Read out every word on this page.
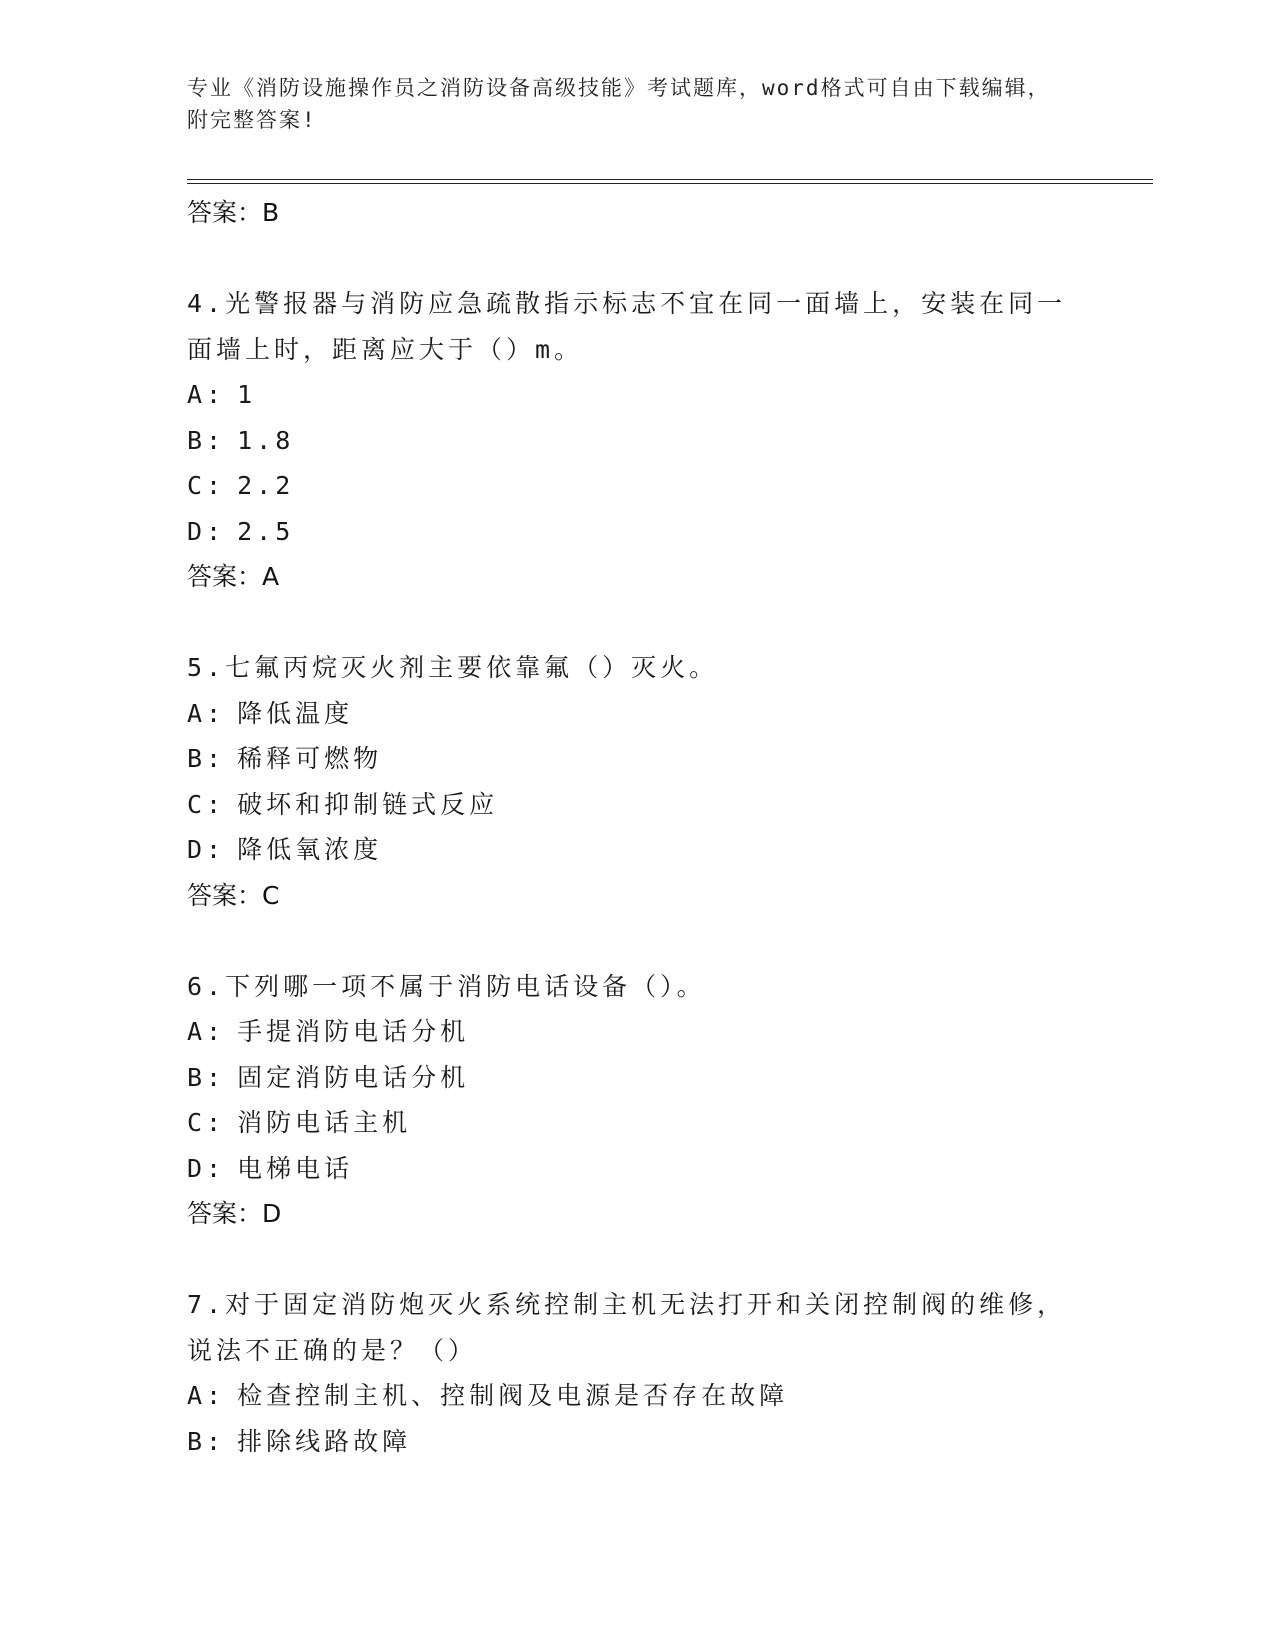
专业《消防设施操作员之消防设备高级技能》考试题库，word格式可自由下载编辑，附完整答案!
答案：B
4.光警报器与消防应急疏散指示标志不宜在同一面墙上，安装在同一
面墙上时，距离应大于（）m。
A: 1
B: 1.8
C: 2.2
D: 2.5
答案：A
5.七氟丙烷灭火剂主要依靠氟（）灭火。
A: 降低温度
B: 稀释可燃物
C: 破坏和抑制链式反应
D: 降低氧浓度
答案：C
6.下列哪一项不属于消防电话设备（）。
A: 手提消防电话分机
B: 固定消防电话分机
C: 消防电话主机
D: 电梯电话
答案：D
7.对于固定消防炮灭火系统控制主机无法打开和关闭控制阀的维修，
说法不正确的是？（）
A: 检查控制主机、控制阀及电源是否存在故障
B: 排除线路故障
